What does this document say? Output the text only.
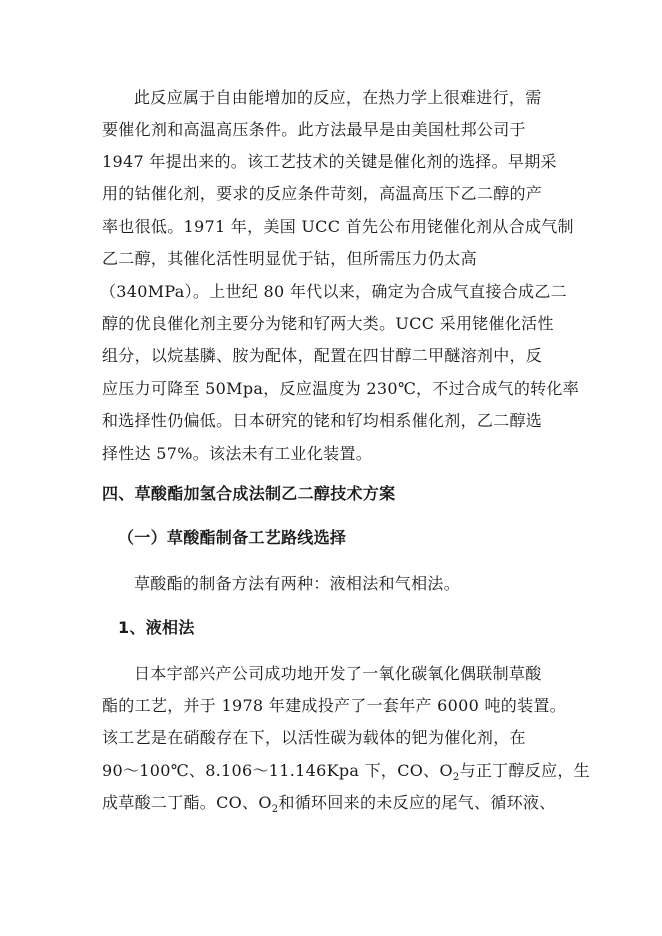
此反应属于自由能增加的反应，在热力学上很难进行，需
要催化剂和高温高压条件。此方法最早是由美国杜邦公司于
1947 年提出来的。该工艺技术的关键是催化剂的选择。早期采
用的钴催化剂，要求的反应条件苛刻，高温高压下乙二醇的产
率也很低。1971 年，美国 UCC 首先公布用铑催化剂从合成气制
乙二醇，其催化活性明显优于钴，但所需压力仍太高
（340MPa）。上世纪 80 年代以来，确定为合成气直接合成乙二
醇的优良催化剂主要分为铑和钌两大类。UCC 采用铑催化活性
组分，以烷基膦、胺为配体，配置在四甘醇二甲醚溶剂中，反
应压力可降至 50Mpa，反应温度为 230℃，不过合成气的转化率
和选择性仍偏低。日本研究的铑和钌均相系催化剂，乙二醇选
择性达 57%。该法未有工业化装置。
四、草酸酯加氢合成法制乙二醇技术方案
（一）草酸酯制备工艺路线选择
草酸酯的制备方法有两种：液相法和气相法。
1、液相法
日本宇部兴产公司成功地开发了一氧化碳氧化偶联制草酸
酯的工艺，并于 1978 年建成投产了一套年产 6000 吨的装置。
该工艺是在硝酸存在下，以活性碳为载体的钯为催化剂，在
90～100℃、8.106～11.146Kpa 下，CO、$O_2$与正丁醇反应，生
成草酸二丁酯。CO、$O_2$和循环回来的未反应的尾气、循环液、
